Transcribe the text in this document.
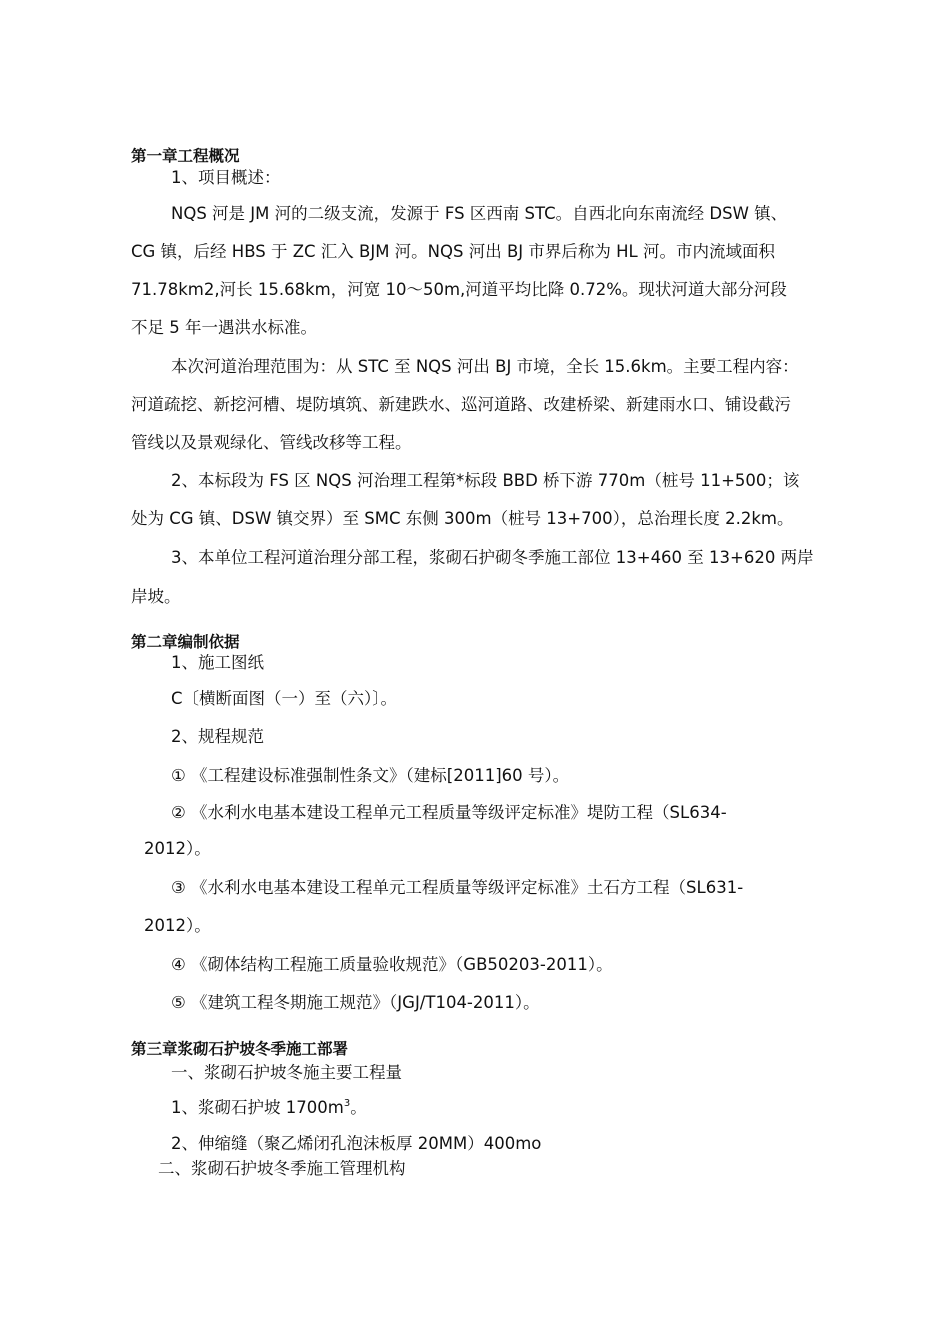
第一章工程概况
1、项目概述：
NQS 河是 JM 河的二级支流，发源于 FS 区西南 STC。自西北向东南流经 DSW 镇、
CG 镇，后经 HBS 于 ZC 汇入 BJM 河。NQS 河出 BJ 市界后称为 HL 河。市内流域面积
71.78km2,河长 15.68km，河宽 10～50m,河道平均比降 0.72%。现状河道大部分河段
不足 5 年一遇洪水标准。
本次河道治理范围为：从 STC 至 NQS 河出 BJ 市境，全长 15.6km。主要工程内容：
河道疏挖、新挖河槽、堤防填筑、新建跌水、巡河道路、改建桥梁、新建雨水口、铺设截污
管线以及景观绿化、管线改移等工程。
2、本标段为 FS 区 NQS 河治理工程第*标段 BBD 桥下游 770m（桩号 11+500；该
处为 CG 镇、DSW 镇交界）至 SMC 东侧 300m（桩号 13+700），总治理长度 2.2km。
3、本单位工程河道治理分部工程，浆砌石护砌冬季施工部位 13+460 至 13+620 两岸
岸坡。
第二章编制依据
1、施工图纸
C〔横断面图（一）至（六）〕。
2、规程规范
① 《工程建设标准强制性条文》（建标[2011]60 号）。
② 《水利水电基本建设工程单元工程质量等级评定标准》堤防工程（SL634-
2012）。
③ 《水利水电基本建设工程单元工程质量等级评定标准》土石方工程（SL631-
2012）。
④ 《砌体结构工程施工质量验收规范》（GB50203-2011）。
⑤ 《建筑工程冬期施工规范》（JGJ/T104-2011）。
第三章浆砌石护坡冬季施工部署
一、浆砌石护坡冬施主要工程量
1、浆砌石护坡 $1700m^3$。
2、伸缩缝（聚乙烯闭孔泡沫板厚 20MM）400mo
二、浆砌石护坡冬季施工管理机构
